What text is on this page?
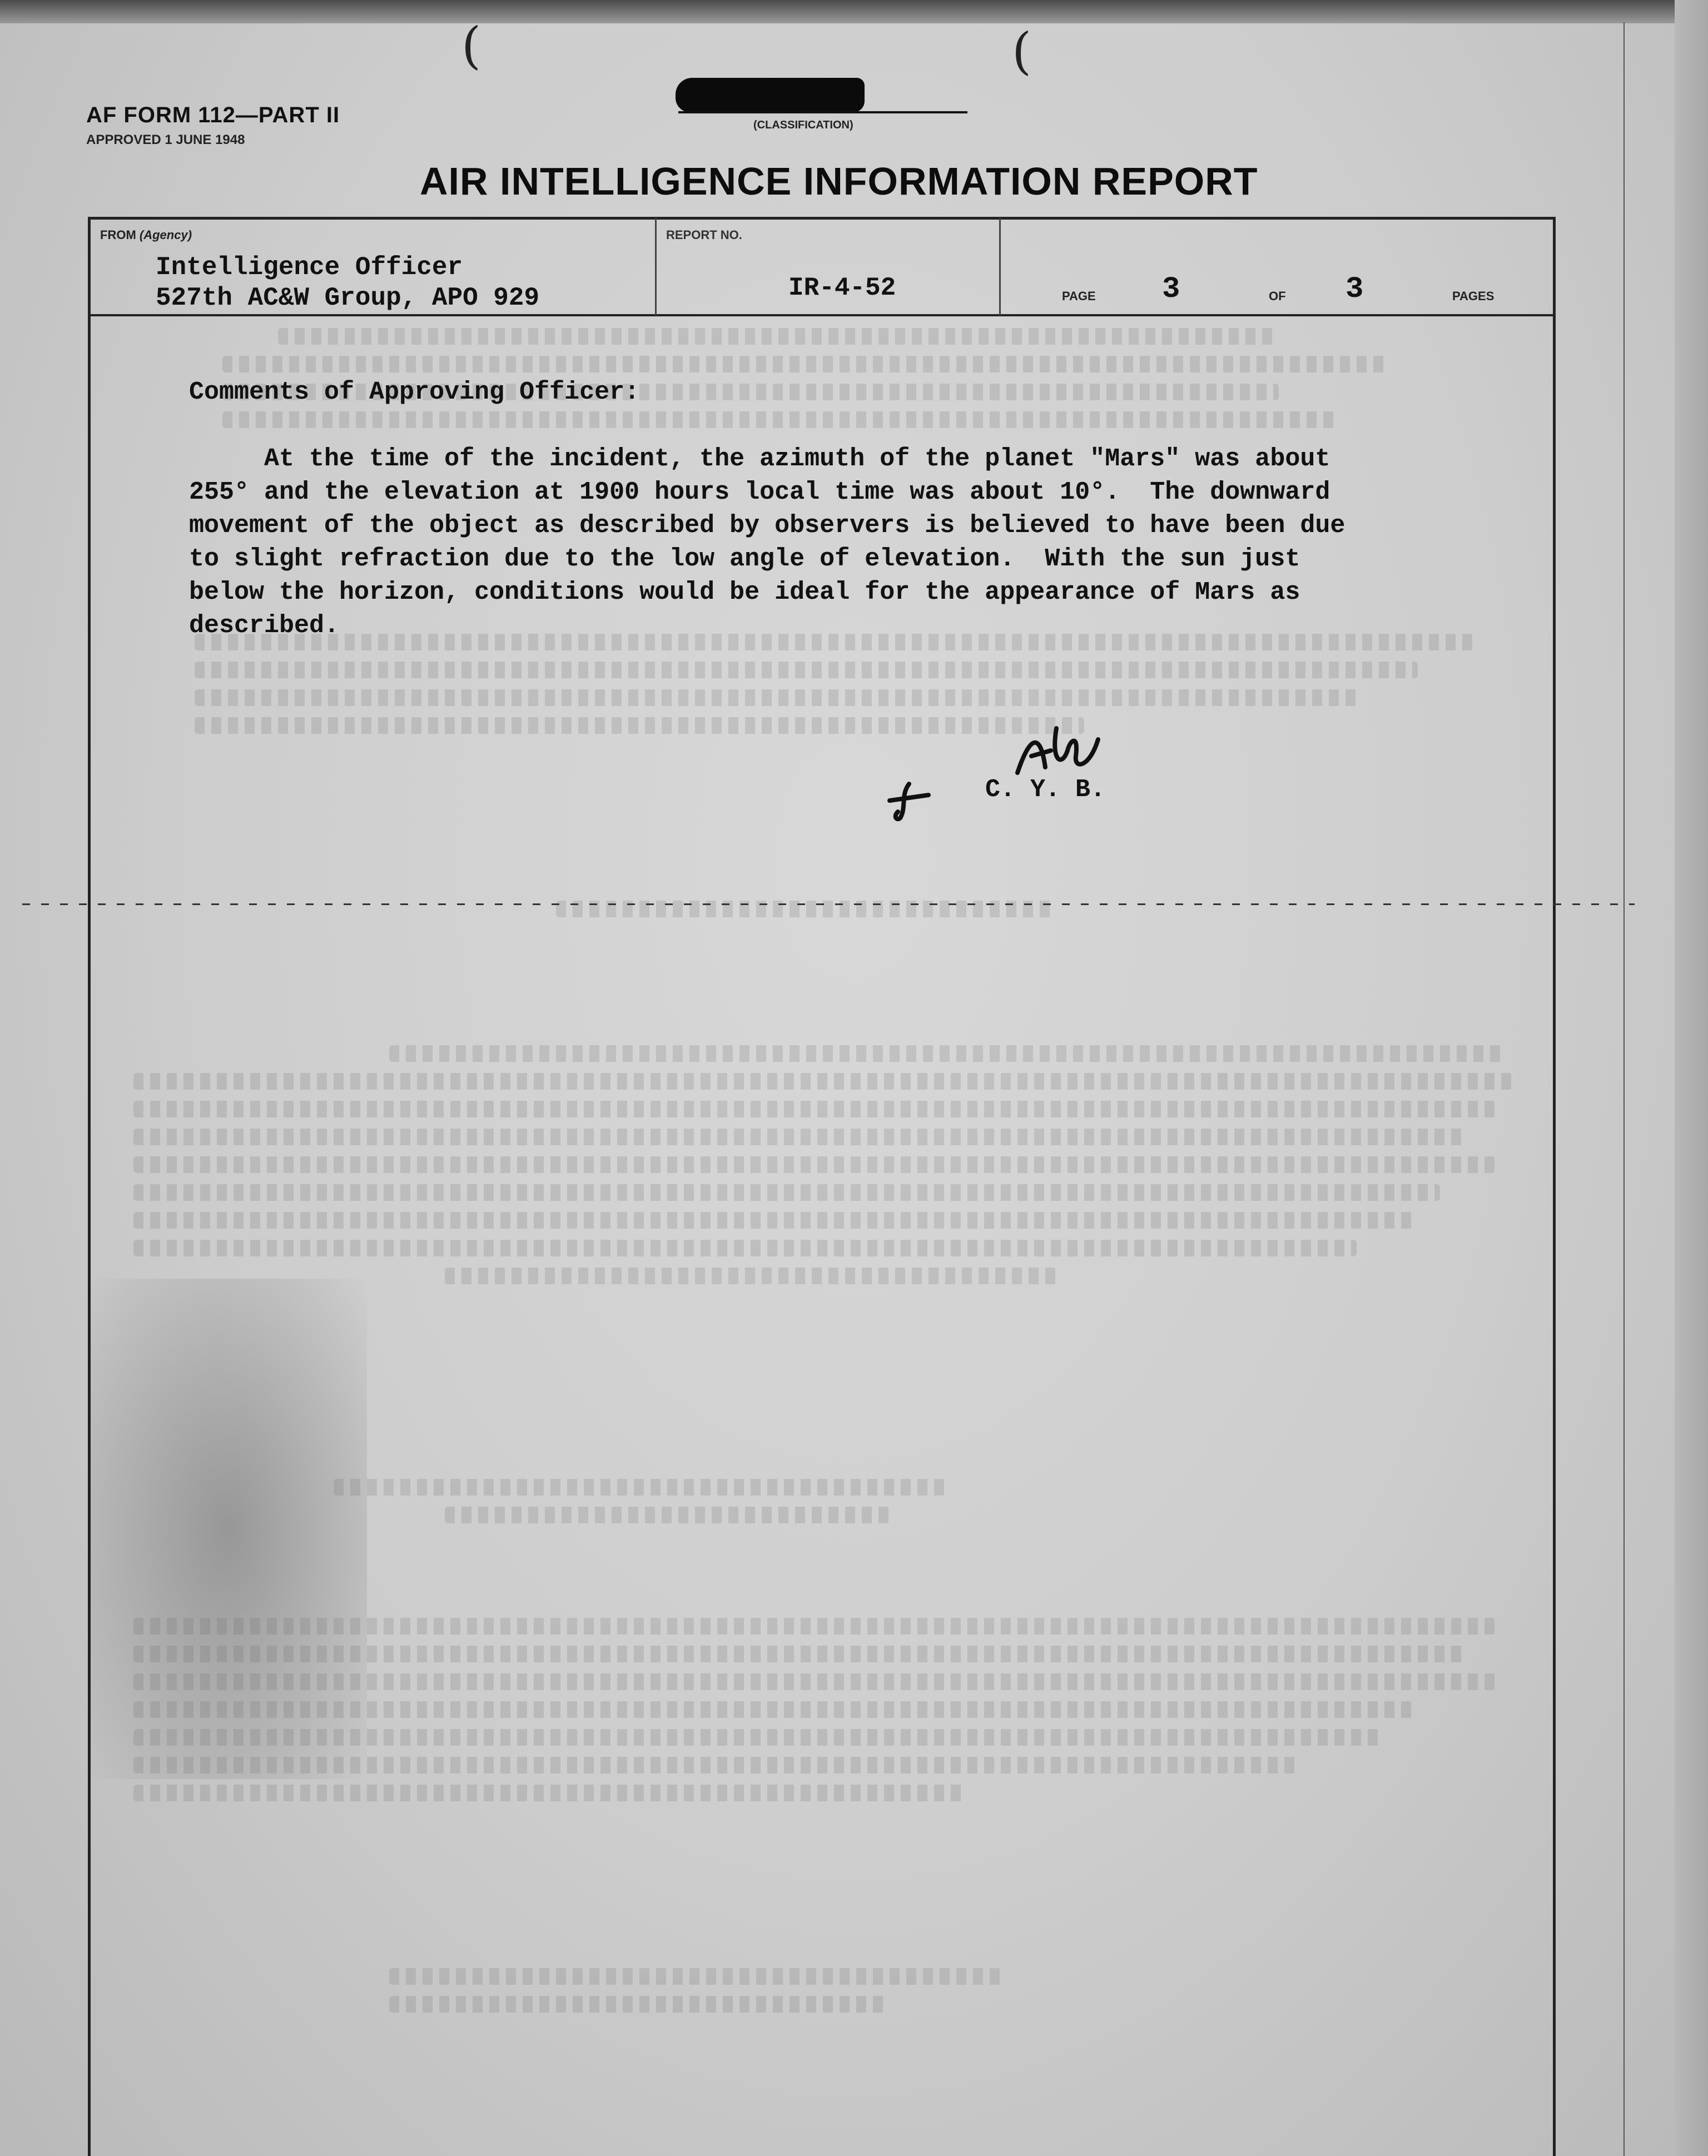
(	(
AF FORM 112—PART II
APPROVED 1 JUNE 1948
(CLASSIFICATION)
AIR INTELLIGENCE INFORMATION REPORT
FROM (Agency)
Intelligence Officer
527th AC&W Group, APO 929
REPORT NO.
IR-4-52	PAGE 3	OF 3	PAGES
Comments of Approving Officer:
At the time of the incident, the azimuth of the planet "Mars" was about
255° and the elevation at 1900 hours local time was about 10°.  The downward
movement of the object as described by observers is believed to have been due
to slight refraction due to the low angle of elevation.  With the sun just
below the horizon, conditions would be ideal for the appearance of Mars as
described.
C. Y. B.
